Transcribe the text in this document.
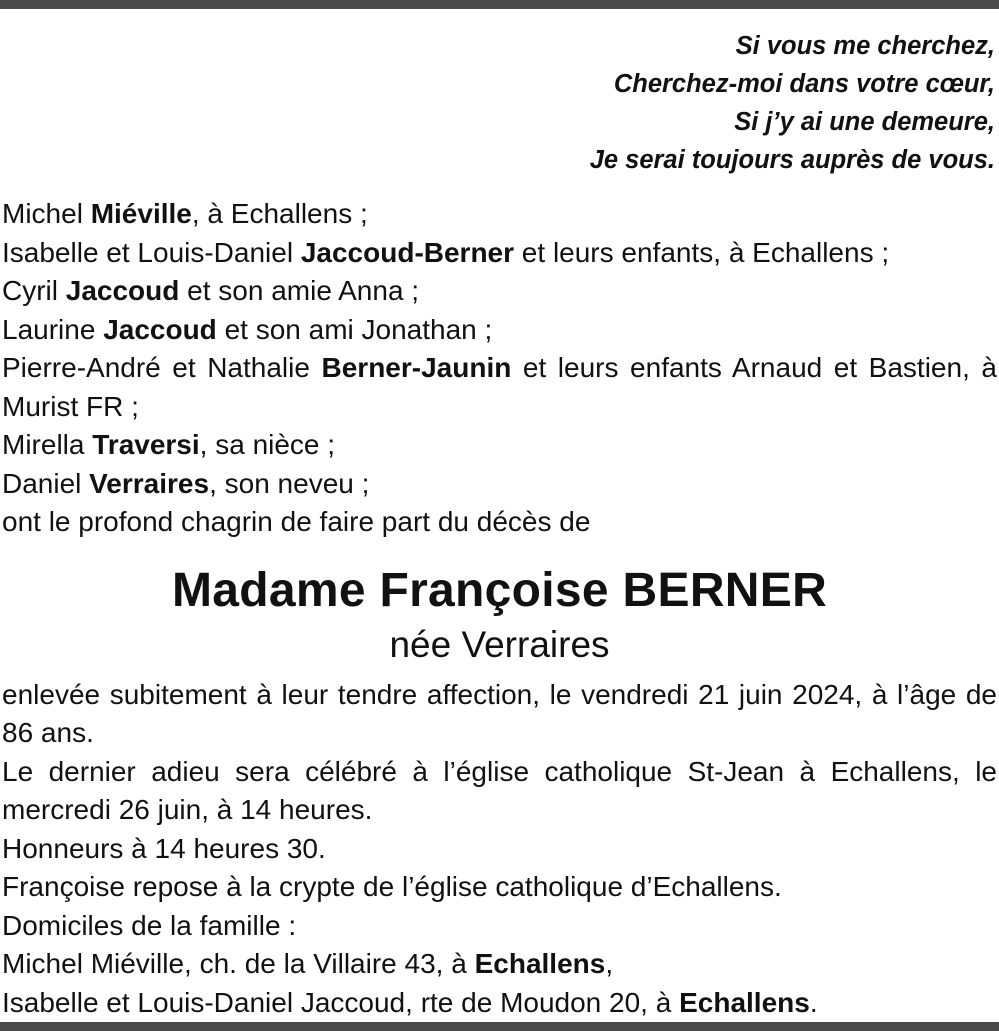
Si vous me cherchez,
Cherchez-moi dans votre cœur,
Si j’y ai une demeure,
Je serai toujours auprès de vous.

Michel Miéville, à Echallens ;

Isabelle et Louis-Daniel Jaccoud-Berner et leurs enfants, à Echallens ;

Cyril Jaccoud et son amie Anna ;

Laurine Jaccoud et son ami Jonathan ;

Pierre-André et Nathalie Berner-Jaunin et leurs enfants Arnaud et Bastien, à Murist FR ;

Mirella Traversi, sa nièce ;

Daniel Verraires, son neveu ;

ont le profond chagrin de faire part du décès de

Madame Françoise BERNER
née Verraires

enlevée subitement à leur tendre affection, le vendredi 21 juin 2024, à l’âge de 86 ans.

Le dernier adieu sera célébré à l’église catholique St-Jean à Echallens, le mercredi 26 juin, à 14 heures.

Honneurs à 14 heures 30.

Françoise repose à la crypte de l’église catholique d’Echallens.

Domiciles de la famille :

Michel Miéville, ch. de la Villaire 43, à Echallens,

Isabelle et Louis-Daniel Jaccoud, rte de Moudon 20, à Echallens.
